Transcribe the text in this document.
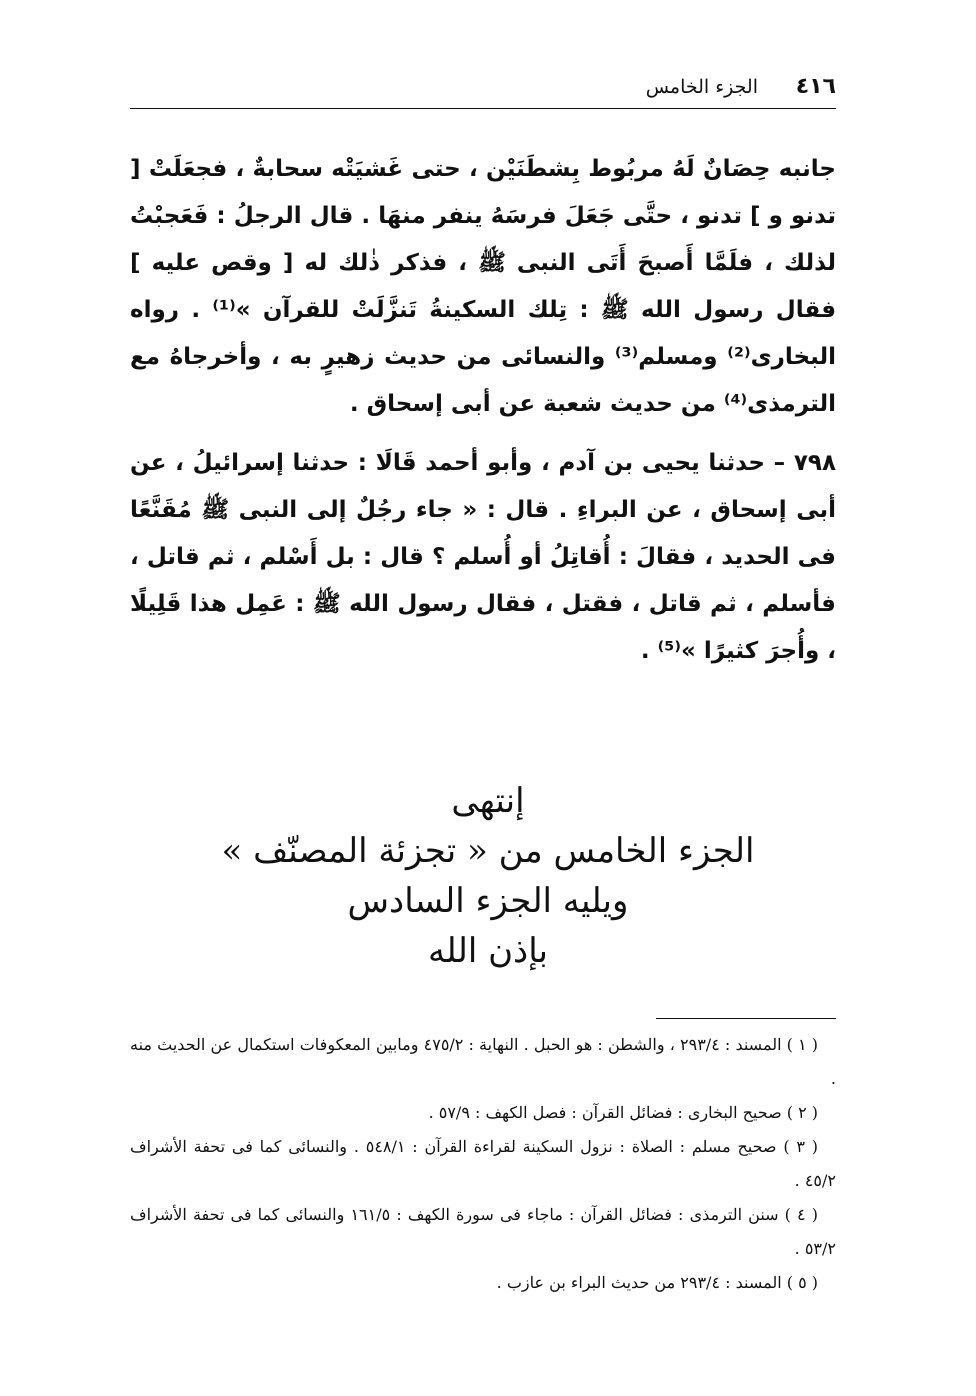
٤١٦
الجزء الخامس

جانبه حِصَانٌ لَهُ مربُوط بِشطَنَيْن ، حتى غَشيَتْه سحابةٌ ، فجعَلَتْ [ تدنو و ] تدنو ، حتَّى جَعَلَ فرسَهُ ينفر منهَا . قال الرجلُ : فَعَجبْتُ لذلك ، فلَمَّا أَصبحَ أَتَى النبى ﷺ ، فذكر ذٰلك له [ وقص عليه ] فقال رسول الله ﷺ : تِلك السكينةُ تَنزَّلَتْ للقرآن »⁽¹⁾ . رواه البخارى⁽²⁾ ومسلم⁽³⁾ والنسائى من حديث زهيرٍ به ، وأخرجاهُ مع الترمذى⁽⁴⁾ من حديث شعبة عن أبى إسحاق .

٧٩٨ – حدثنا يحيى بن آدم ، وأبو أحمد قَالَا : حدثنا إسرائيلُ ، عن أبى إسحاق ، عن البراءِ . قال : « جاء رجُلٌ إلى النبى ﷺ مُقَنَّعًا فى الحديد ، فقالَ : أُقاتِلُ أو أُسلم ؟ قال : بل أَسْلم ، ثم قاتل ، فأسلم ، ثم قاتل ، فقتل ، فقال رسول الله ﷺ : عَمِل هذا قَلِيلًا ، وأُجرَ كثيرًا »⁽⁵⁾ .

إنتهى
الجزء الخامس من « تجزئة المصنّف »
ويليه الجزء السادس
بإذن الله

( ١ ) المسند : ٢٩٣/٤ ، والشطن : هو الحبل . النهاية : ٤٧٥/٢ ومابين المعكوفات استكمال عن الحديث منه .

( ٢ ) صحيح البخارى : فضائل القرآن : فصل الكهف : ٥٧/٩ .

( ٣ ) صحيح مسلم : الصلاة : نزول السكينة لقراءة القرآن : ٥٤٨/١ . والنسائى كما فى تحفة الأشراف ٤٥/٢ .

( ٤ ) سنن الترمذى : فضائل القرآن : ماجاء فى سورة الكهف : ١٦١/٥ والنسائى كما فى تحفة الأشراف ٥٣/٢ .

( ٥ ) المسند : ٢٩٣/٤ من حديث البراء بن عازب .
